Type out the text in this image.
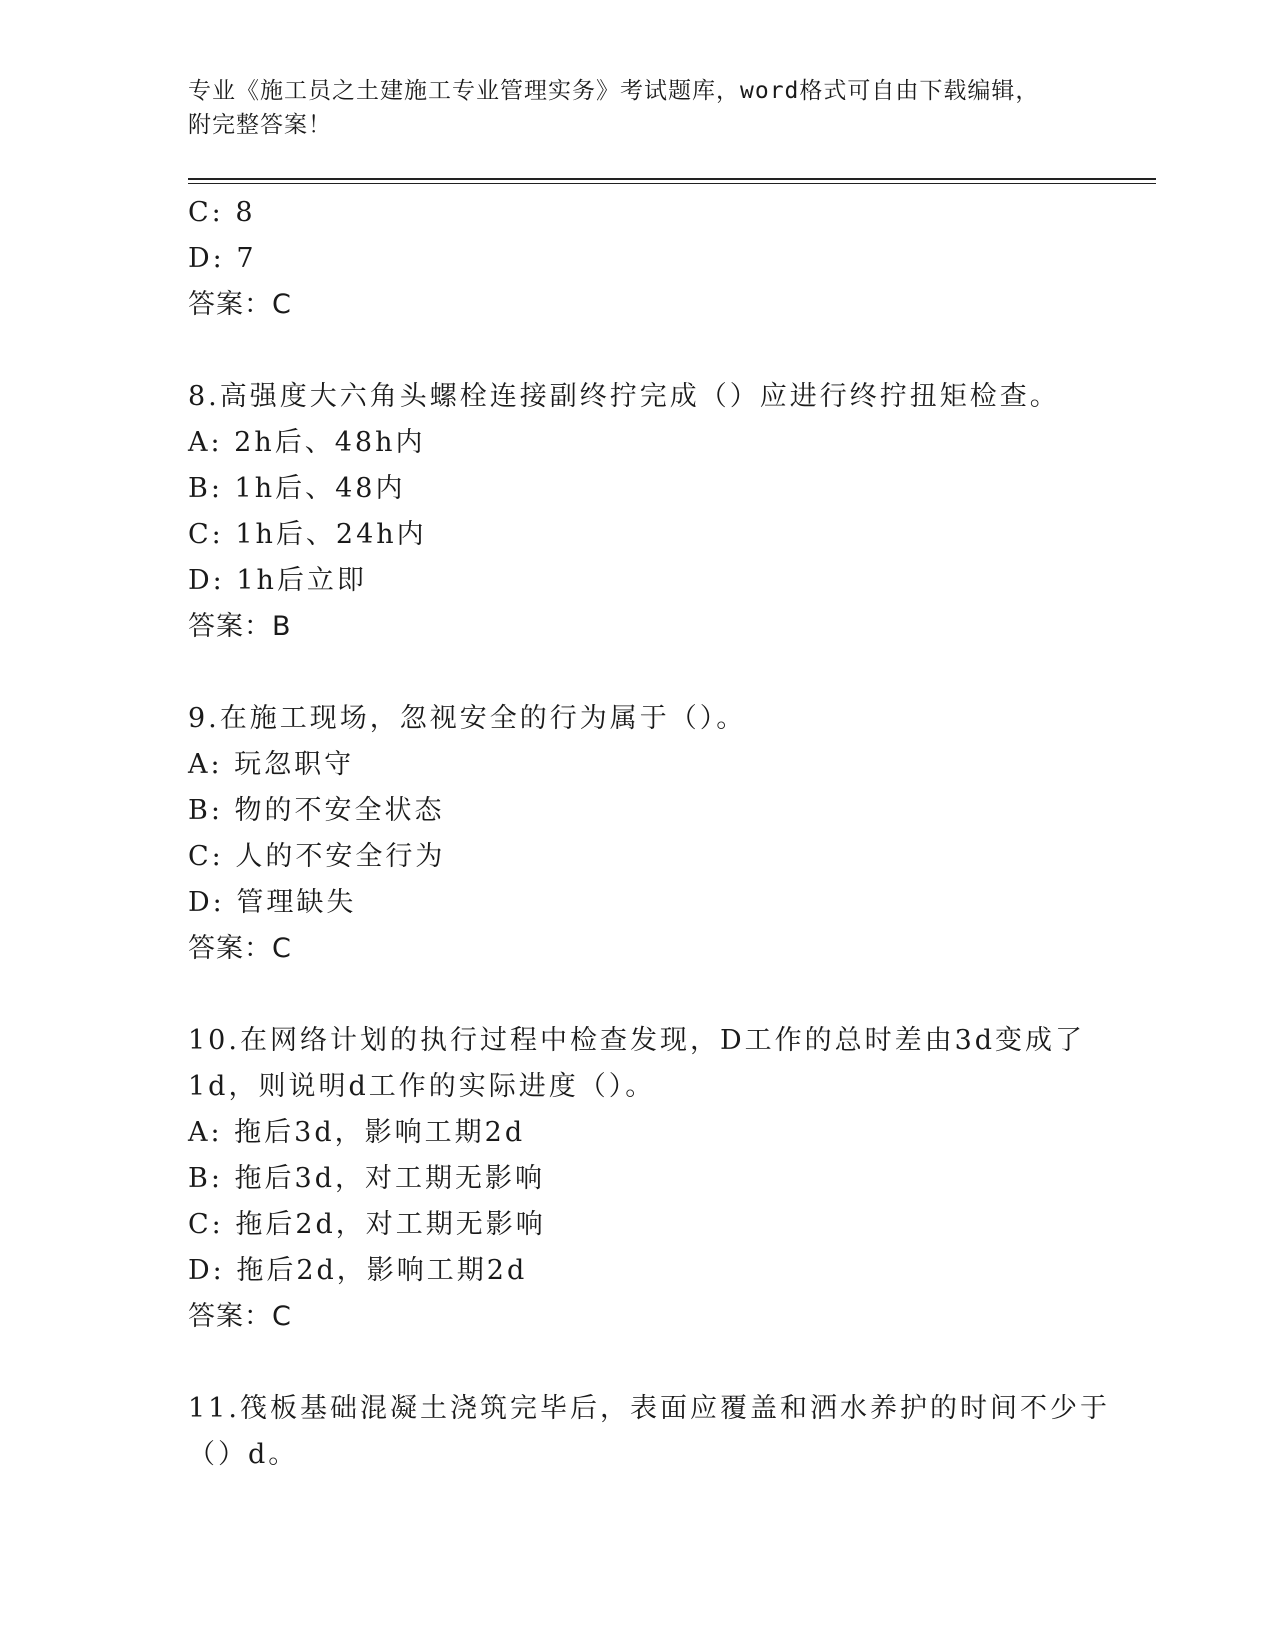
专业《施工员之土建施工专业管理实务》考试题库，word格式可自由下载编辑，
附完整答案！
C: 8
D: 7
答案：C
8.高强度大六角头螺栓连接副终拧完成（）应进行终拧扭矩检查。
A: 2h后、48h内
B: 1h后、48内
C: 1h后、24h内
D: 1h后立即
答案：B
9.在施工现场，忽视安全的行为属于（）。
A: 玩忽职守
B: 物的不安全状态
C: 人的不安全行为
D: 管理缺失
答案：C
10.在网络计划的执行过程中检查发现，D工作的总时差由3d变成了
1d，则说明d工作的实际进度（）。
A: 拖后3d，影响工期2d
B: 拖后3d，对工期无影响
C: 拖后2d，对工期无影响
D: 拖后2d，影响工期2d
答案：C
11.筏板基础混凝土浇筑完毕后，表面应覆盖和洒水养护的时间不少于
（）d。
